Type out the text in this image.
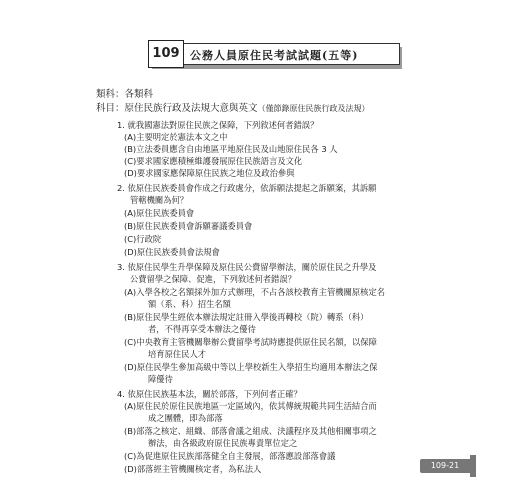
109 公務人員原住民考試試題(五等)
類科：各類科
科目：原住民族行政及法規大意與英文（僅節錄原住民族行政及法規）
1. 就我國憲法對原住民族之保障，下列敘述何者錯誤？
(A)主要明定於憲法本文之中
(B)立法委員應含自由地區平地原住民及山地原住民各 3 人
(C)要求國家應積極維護發展原住民族語言及文化
(D)要求國家應保障原住民族之地位及政治參與
2. 依原住民族委員會作成之行政處分，依訴願法提起之訴願案，其訴願
管轄機關為何？
(A)原住民族委員會
(B)原住民族委員會訴願審議委員會
(C)行政院
(D)原住民族委員會法規會
3. 依原住民學生升學保障及原住民公費留學辦法，關於原住民之升學及
公費留學之保障、促進，下列敘述何者錯誤？
(A)入學各校之名額採外加方式辦理，不占各該校教育主管機關原核定名
額（系、科）招生名額
(B)原住民學生經依本辦法規定註冊入學後再轉校（院）轉系（科）
者，不得再享受本辦法之優待
(C)中央教育主管機關舉辦公費留學考試時應提供原住民名額，以保障
培育原住民人才
(D)原住民學生參加高級中等以上學校新生入學招生均適用本辦法之保
障優待
4. 依原住民族基本法，關於部落，下列何者正確？
(A)原住民於原住民族地區一定區域內，依其傳統規範共同生活結合而
成之團體，即為部落
(B)部落之核定、組織、部落會議之組成、決議程序及其他相關事項之
辦法，由各級政府原住民族專責單位定之
(C)為促進原住民族部落健全自主發展，部落應設部落會議
(D)部落經主管機關核定者，為私法人	109-21
